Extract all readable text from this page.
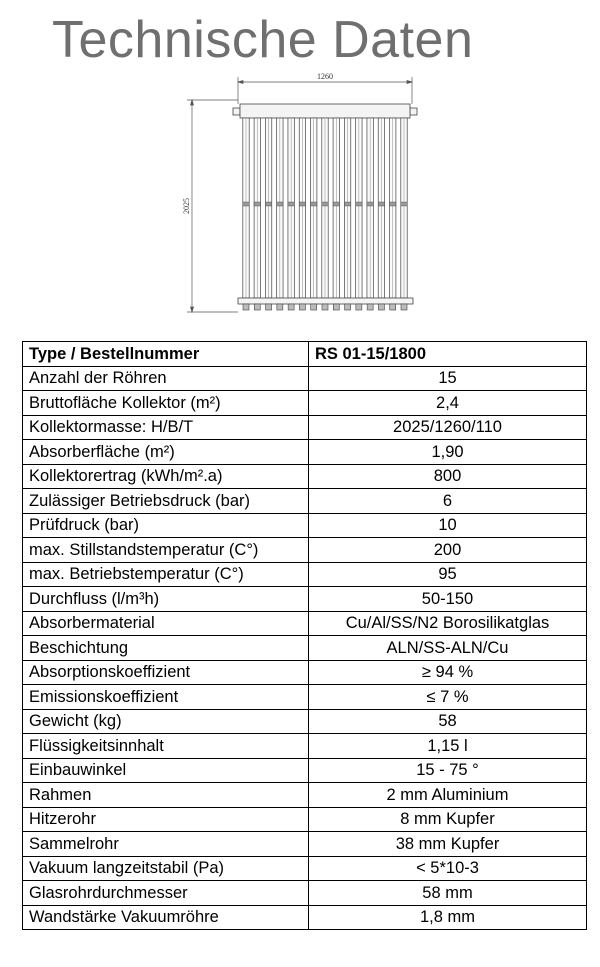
Technische Daten
1260
2025
Type / Bestellnummer	RS 01-15/1800
Anzahl der Röhren	15
Bruttofläche Kollektor (m²)	2,4
Kollektormasse: H/B/T	2025/1260/110
Absorberfläche (m²)	1,90
Kollektorertrag (kWh/m².a)	800
Zulässiger Betriebsdruck (bar)	6
Prüfdruck (bar)	10
max. Stillstandstemperatur (C°)	200
max. Betriebstemperatur (C°)	95
Durchfluss (l/m³h)	50-150
Absorbermaterial	Cu/Al/SS/N2 Borosilikatglas
Beschichtung	ALN/SS-ALN/Cu
Absorptionskoeffizient	≥ 94 %
Emissionskoeffizient	≤ 7 %
Gewicht (kg)	58
Flüssigkeitsinnhalt	1,15 l
Einbauwinkel	15 - 75 °
Rahmen	2 mm Aluminium
Hitzerohr	8 mm Kupfer
Sammelrohr	38 mm Kupfer
Vakuum langzeitstabil (Pa)	< 5*10-3
Glasrohrdurchmesser	58 mm
Wandstärke Vakuumröhre	1,8 mm
